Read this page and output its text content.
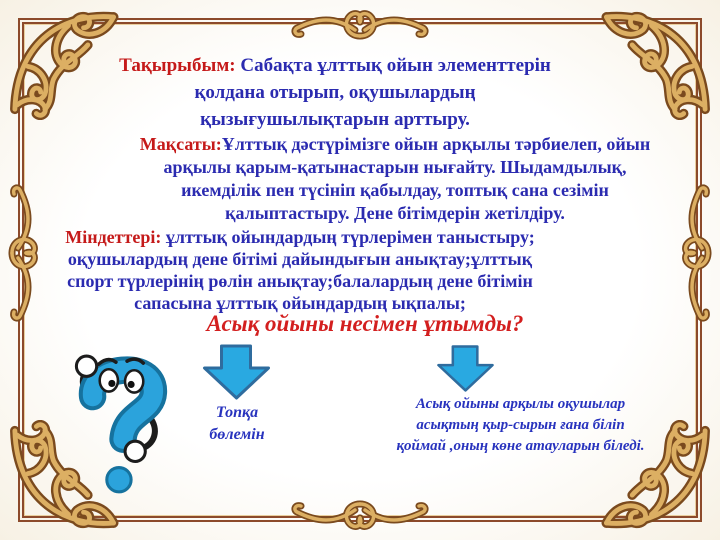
Тақырыбым: Сабақта ұлттық ойын элементтерін
қолдана отырып, оқушылардың
қызығушылықтарын арттыру.
Мақсаты:Ұлттық дәстүрімізге ойын арқылы тәрбиелеп, ойын
арқылы қарым-қатынастарын нығайту. Шыдамдылық,
икемділік пен түсініп қабылдау, топтық сана сезімін
қалыптастыру. Дене бітімдерін жетілдіру.
Міндеттері: ұлттық ойындардың түрлерімен таныстыру;
оқушылардың дене бітімі дайындығын анықтау;ұлттық
спорт түрлерінің рөлін анықтау;балалардың дене бітімін
сапасына ұлттық ойындардың ықпалы;
Асық ойыны несімен ұтымды?
Топқа
бөлемін
Асық ойыны арқылы оқушылар
асықтың қыр-сырын ғана біліп
қоймай ,оның көне атауларын біледі.
